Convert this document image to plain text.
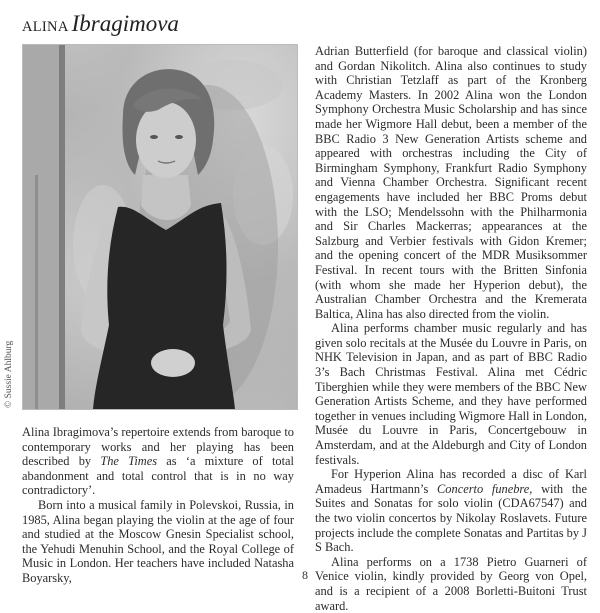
ALINA Ibragimova
© Sussie Ahlburg

Alina Ibragimova’s repertoire extends from baroque to contemporary works and her playing has been described by The Times as ‘a mixture of total abandonment and total control that is in no way contradictory’.

Born into a musical family in Polevskoi, Russia, in 1985, Alina began playing the violin at the age of four and studied at the Moscow Gnesin Specialist school, the Yehudi Menuhin School, and the Royal College of Music in London. Her teachers have included Natasha Boyarsky,

Adrian Butterfield (for baroque and classical violin) and Gordan Nikolitch. Alina also continues to study with Christian Tetzlaff as part of the Kronberg Academy Masters. In 2002 Alina won the London Symphony Orchestra Music Scholarship and has since made her Wigmore Hall debut, been a member of the BBC Radio 3 New Generation Artists scheme and appeared with orchestras including the City of Birmingham Symphony, Frankfurt Radio Symphony and Vienna Chamber Orchestra. Significant recent engagements have included her BBC Proms debut with the LSO; Mendelssohn with the Philharmonia and Sir Charles Mackerras; appearances at the Salzburg and Verbier festivals with Gidon Kremer; and the opening concert of the MDR Musiksommer Festival. In recent tours with the Britten Sinfonia (with whom she made her Hyperion debut), the Australian Chamber Orchestra and the Kremerata Baltica, Alina has also directed from the violin.

Alina performs chamber music regularly and has given solo recitals at the Musée du Louvre in Paris, on NHK Television in Japan, and as part of BBC Radio 3’s Bach Christmas Festival. Alina met Cédric Tiberghien while they were members of the BBC New Generation Artists Scheme, and they have performed together in venues including Wigmore Hall in London, Musée du Louvre in Paris, Concertgebouw in Amsterdam, and at the Aldeburgh and City of London festivals.

For Hyperion Alina has recorded a disc of Karl Amadeus Hartmann’s Concerto funebre, with the Suites and Sonatas for solo violin (CDA67547) and the two violin concertos by Nikolay Roslavets. Future projects include the complete Sonatas and Partitas by J S Bach.

Alina performs on a 1738 Pietro Guarneri of Venice violin, kindly provided by Georg von Opel, and is a recipient of a 2008 Borletti-Buitoni Trust award.

8
